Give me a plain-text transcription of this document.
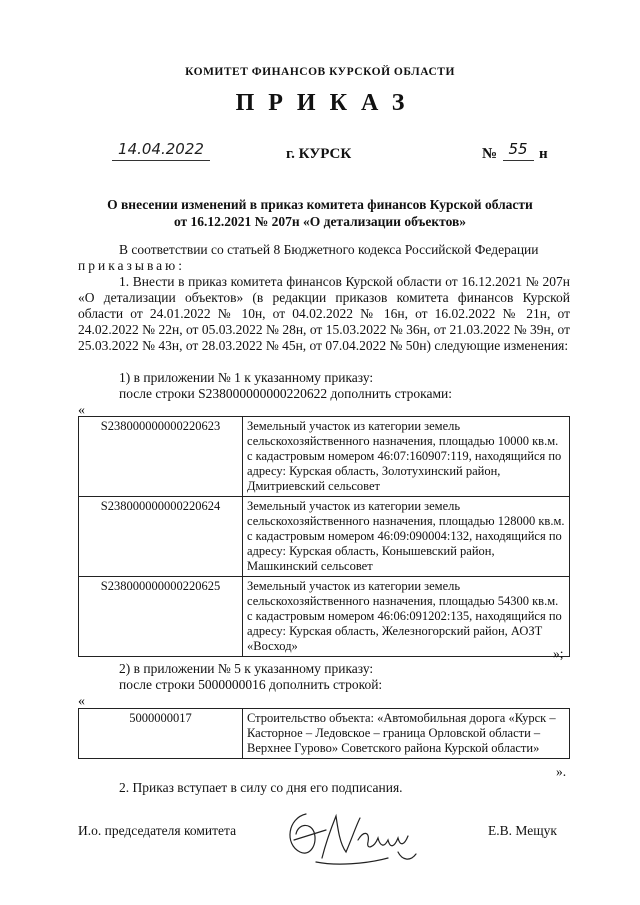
КОМИТЕТ ФИНАНСОВ КУРСКОЙ ОБЛАСТИ
ПРИКАЗ
14.04.2022	г. КУРСК	№ 55 н
О внесении изменений в приказ комитета финансов Курской области
от 16.12.2021 № 207н «О детализации объектов»
В соответствии со статьей 8 Бюджетного кодекса Российской Федерации
приказываю:
1. Внести в приказ комитета финансов Курской области от 16.12.2021 № 207н «О детализации объектов» (в редакции приказов комитета финансов Курской области от 24.01.2022 № 10н, от 04.02.2022 № 16н, от 16.02.2022 № 21н, от 24.02.2022 № 22н, от 05.03.2022 № 28н, от 15.03.2022 № 36н, от 21.03.2022 № 39н, от 25.03.2022 № 43н, от 28.03.2022 № 45н, от 07.04.2022 № 50н) следующие изменения:
1) в приложении № 1 к указанному приказу:
после строки S238000000000220622 дополнить строками:
«
S238000000000220623	Земельный участок из категории земель сельскохозяйственного назначения, площадью 10000 кв.м. с кадастровым номером 46:07:160907:119, находящийся по адресу: Курская область, Золотухинский район, Дмитриевский сельсовет
S238000000000220624	Земельный участок из категории земель сельскохозяйственного назначения, площадью 128000 кв.м. с кадастровым номером 46:09:090004:132, находящийся по адресу: Курская область, Конышевский район, Машкинский сельсовет
S238000000000220625	Земельный участок из категории земель сельскохозяйственного назначения, площадью 54300 кв.м. с кадастровым номером 46:06:091202:135, находящийся по адресу: Курская область, Железногорский район, АОЗТ «Восход»	»;
2) в приложении № 5 к указанному приказу:
после строки 5000000016 дополнить строкой:
«
5000000017	Строительство объекта: «Автомобильная дорога «Курск – Касторное – Ледовское – граница Орловской области – Верхнее Гурово» Советского района Курской области»
».
2. Приказ вступает в силу со дня его подписания.
И.о. председателя комитета	Е.В. Мещук
